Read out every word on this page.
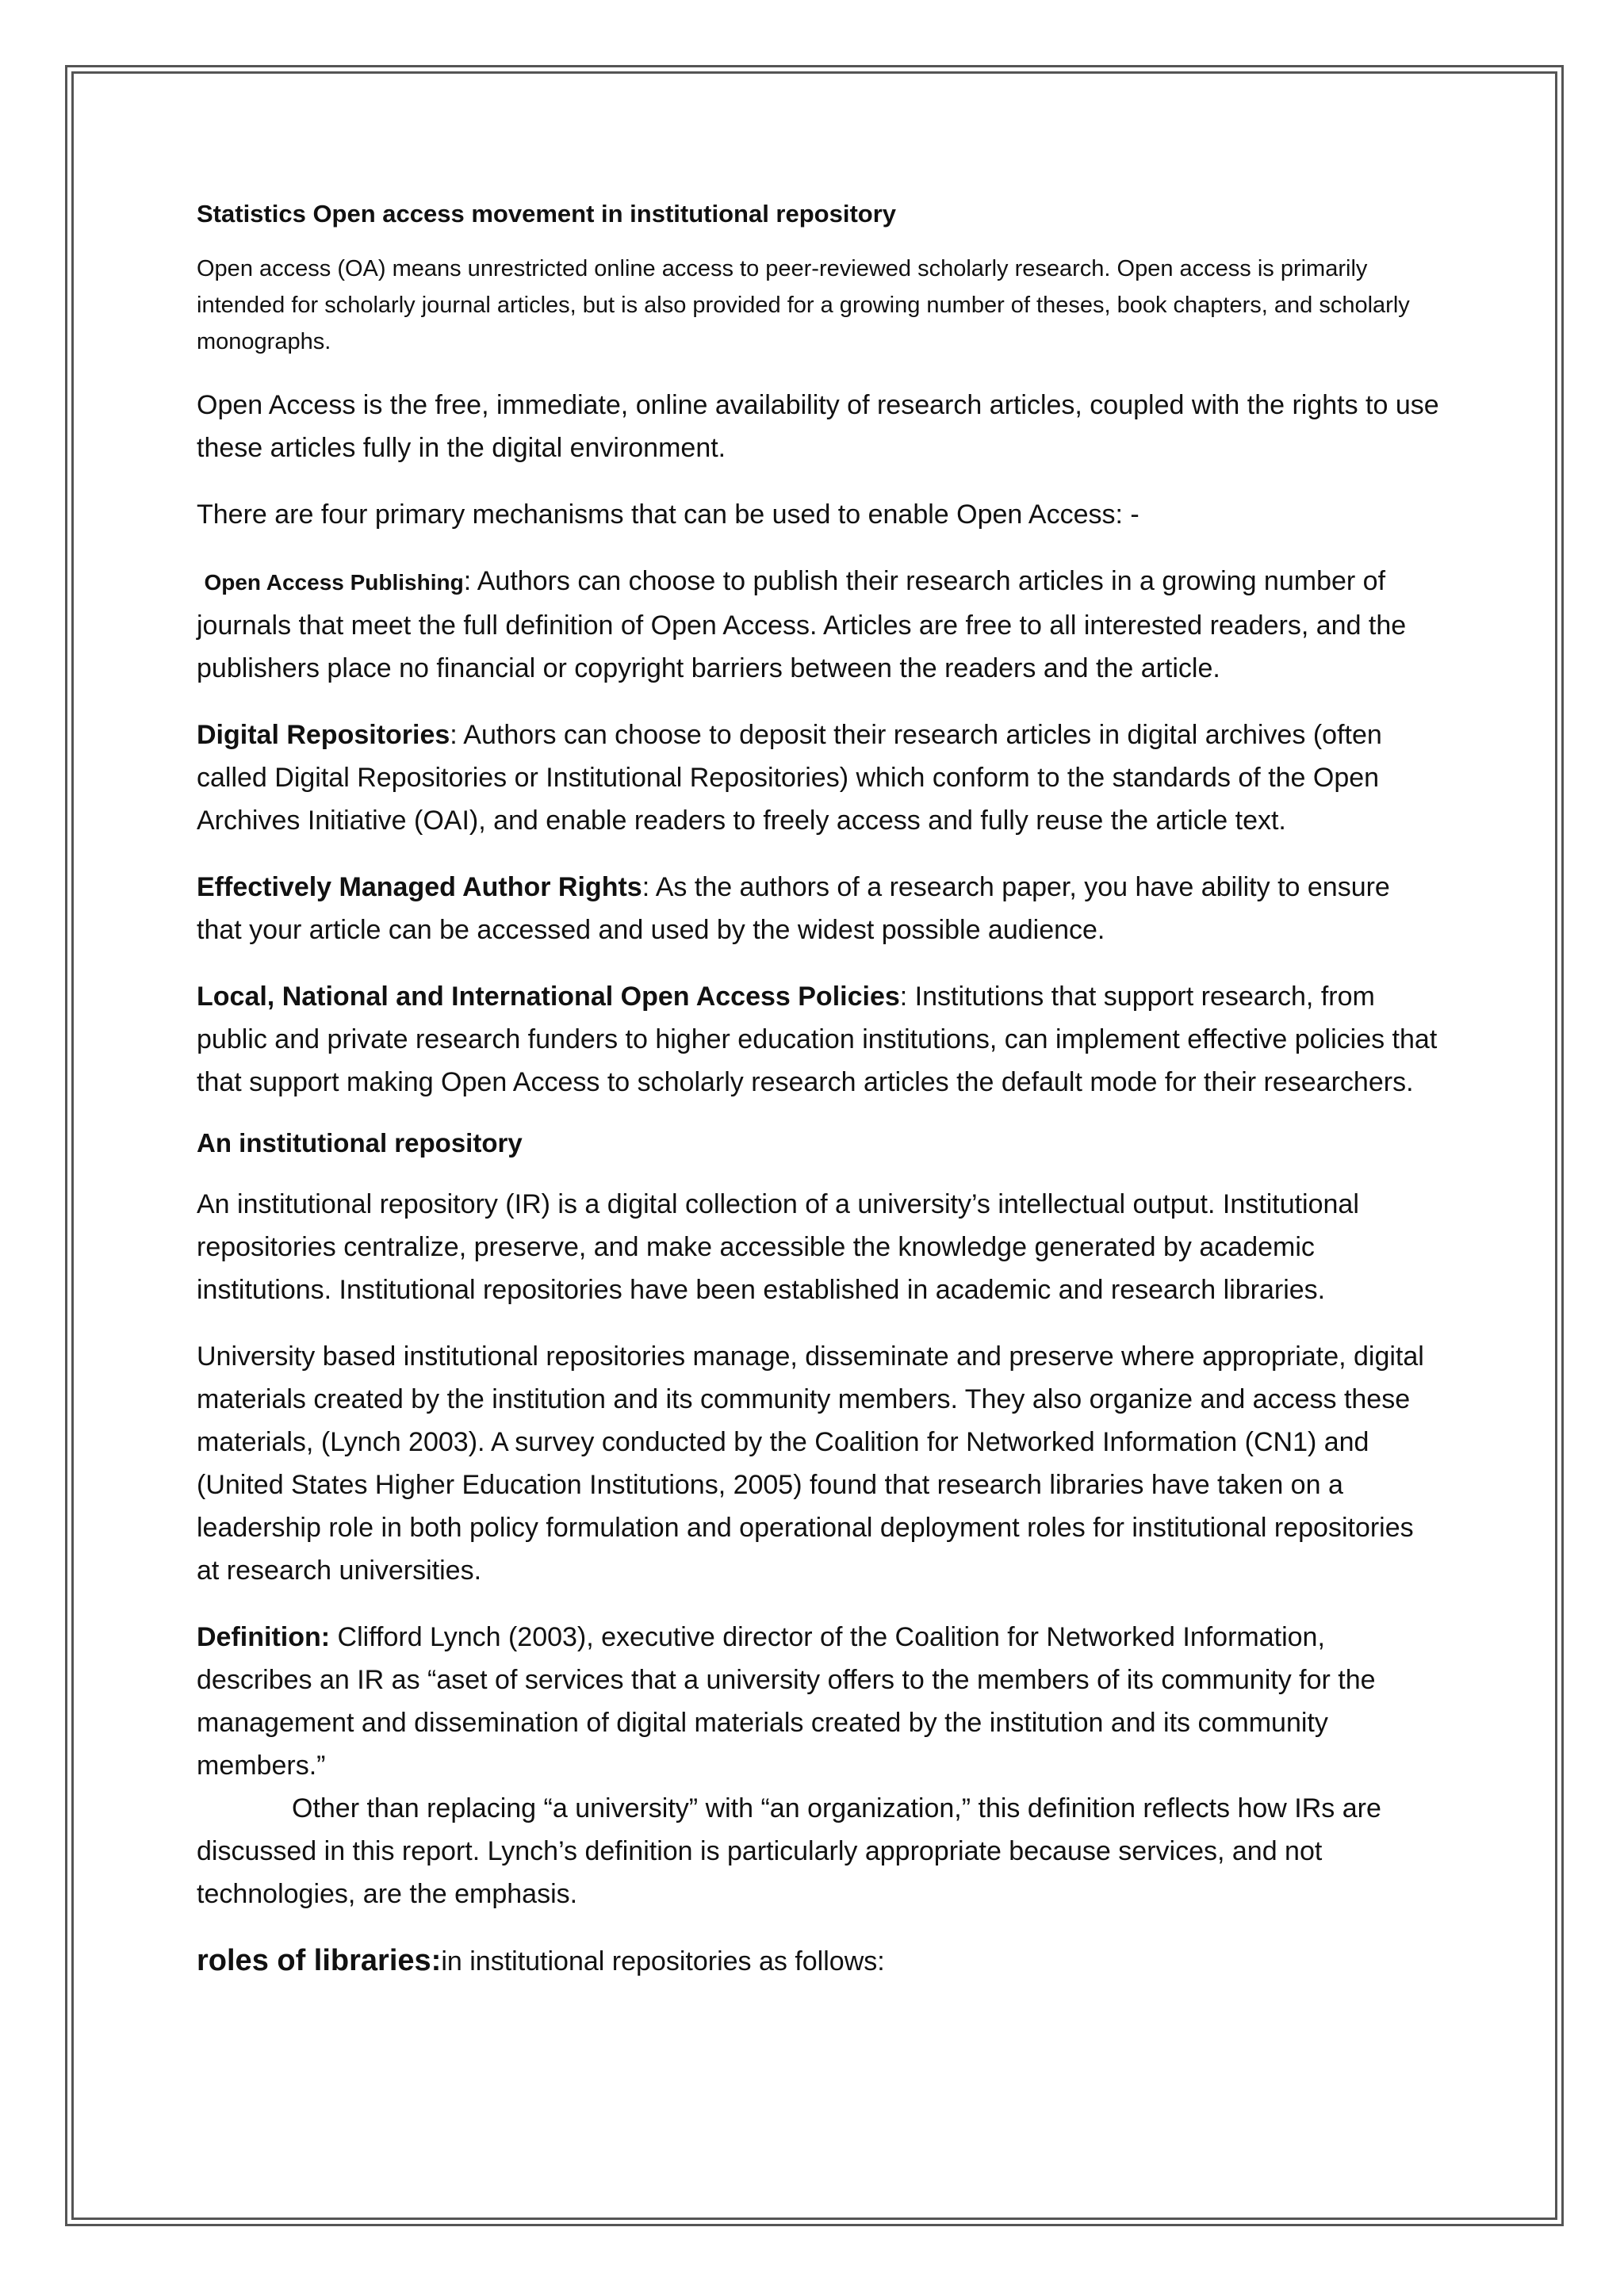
Statistics Open access movement in institutional repository

Open access (OA) means unrestricted online access to peer-reviewed scholarly research. Open access is primarily intended for scholarly journal articles, but is also provided for a growing number of theses, book chapters, and scholarly monographs.

Open Access is the free, immediate, online availability of research articles, coupled with the rights to use these articles fully in the digital environment.

There are four primary mechanisms that can be used to enable Open Access: -

Open Access Publishing: Authors can choose to publish their research articles in a growing number of journals that meet the full definition of Open Access. Articles are free to all interested readers, and the publishers place no financial or copyright barriers between the readers and the article.

Digital Repositories: Authors can choose to deposit their research articles in digital archives (often called Digital Repositories or Institutional Repositories) which conform to the standards of the Open Archives Initiative (OAI), and enable readers to freely access and fully reuse the article text.

Effectively Managed Author Rights: As the authors of a research paper, you have ability to ensure that your article can be accessed and used by the widest possible audience.

Local, National and International Open Access Policies: Institutions that support research, from public and private research funders to higher education institutions, can implement effective policies that that support making Open Access to scholarly research articles the default mode for their researchers.

An institutional repository

An institutional repository (IR) is a digital collection of a university’s intellectual output. Institutional repositories centralize, preserve, and make accessible the knowledge generated by academic institutions. Institutional repositories have been established in academic and research libraries.

University based institutional repositories manage, disseminate and preserve where appropriate, digital materials created by the institution and its community members. They also organize and access these materials, (Lynch 2003). A survey conducted by the Coalition for Networked Information (CN1) and (United States Higher Education Institutions, 2005) found that research libraries have taken on a leadership role in both policy formulation and operational deployment roles for institutional repositories at research universities.

Definition: Clifford Lynch (2003), executive director of the Coalition for Networked Information, describes an IR as “aset of services that a university offers to the members of its community for the management and dissemination of digital materials created by the institution and its community members.”

Other than replacing “a university” with “an organization,” this definition reflects how IRs are discussed in this report. Lynch’s definition is particularly appropriate because services, and not technologies, are the emphasis.

roles of libraries:in institutional repositories as follows:
